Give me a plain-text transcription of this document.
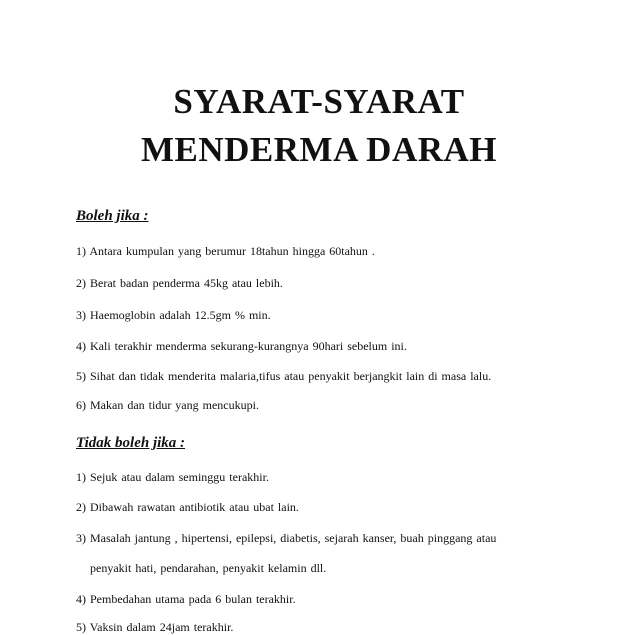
SYARAT-SYARAT
MENDERMA DARAH
Boleh jika :
1) Antara kumpulan yang berumur 18tahun hingga 60tahun .
2) Berat badan penderma 45kg atau lebih.
3) Haemoglobin adalah 12.5gm % min.
4) Kali terakhir menderma sekurang-kurangnya 90hari sebelum ini.
5) Sihat dan tidak menderita malaria,tifus atau penyakit berjangkit lain di masa lalu.
6) Makan dan tidur yang mencukupi.
Tidak boleh jika :
1) Sejuk atau dalam seminggu terakhir.
2) Dibawah rawatan antibiotik atau ubat lain.
3) Masalah jantung , hipertensi, epilepsi, diabetis, sejarah kanser, buah pinggang atau
penyakit hati, pendarahan, penyakit kelamin dll.
4) Pembedahan utama pada 6 bulan terakhir.
5) Vaksin dalam 24jam terakhir.
